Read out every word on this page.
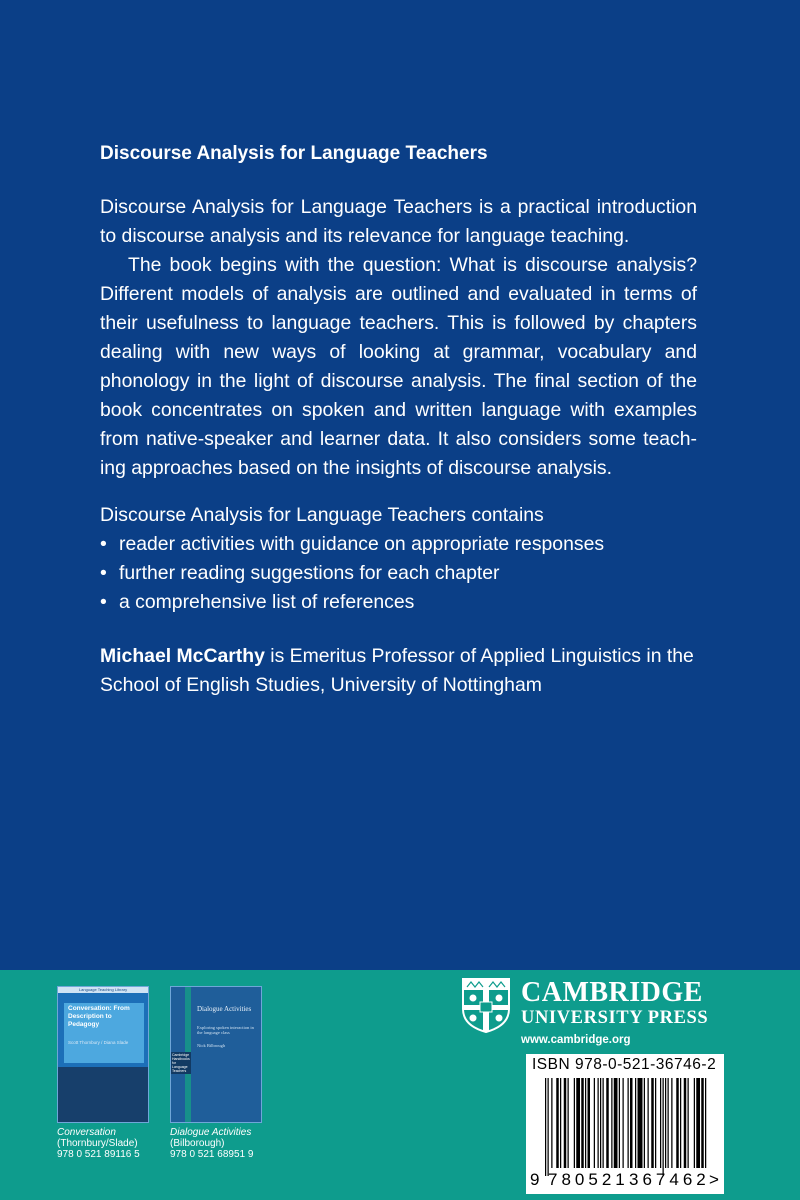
Discourse Analysis for Language Teachers

Discourse Analysis for Language Teachers is a practical introduction to discourse analysis and its relevance for language teaching.

The book begins with the question: What is discourse analysis? Different models of analysis are outlined and evaluated in terms of their usefulness to language teachers. This is followed by chapters dealing with new ways of looking at grammar, vocabulary and phonology in the light of discourse analysis. The final section of the book concentrates on spoken and written language with examples from native-speaker and learner data. It also considers some teaching approaches based on the insights of discourse analysis.

Discourse Analysis for Language Teachers contains
• reader activities with guidance on appropriate responses
• further reading suggestions for each chapter
• a comprehensive list of references
Michael McCarthy is Emeritus Professor of Applied Linguistics in the School of English Studies, University of Nottingham
Language Teaching Library
Conversation: From Description to Pedagogy
Scott Thornbury / Diana Slade
Conversation
(Thornbury/Slade)
978 0 521 89116 5
Dialogue Activities
Exploring spoken interaction in the language class
Nick Bilbrough
Cambridge Handbooks for Language Teachers
Dialogue Activities
(Bilborough)
978 0 521 68951 9
CAMBRIDGE
UNIVERSITY PRESS
www.cambridge.org
ISBN 978-0-521-36746-2
9 780521 367462 >
